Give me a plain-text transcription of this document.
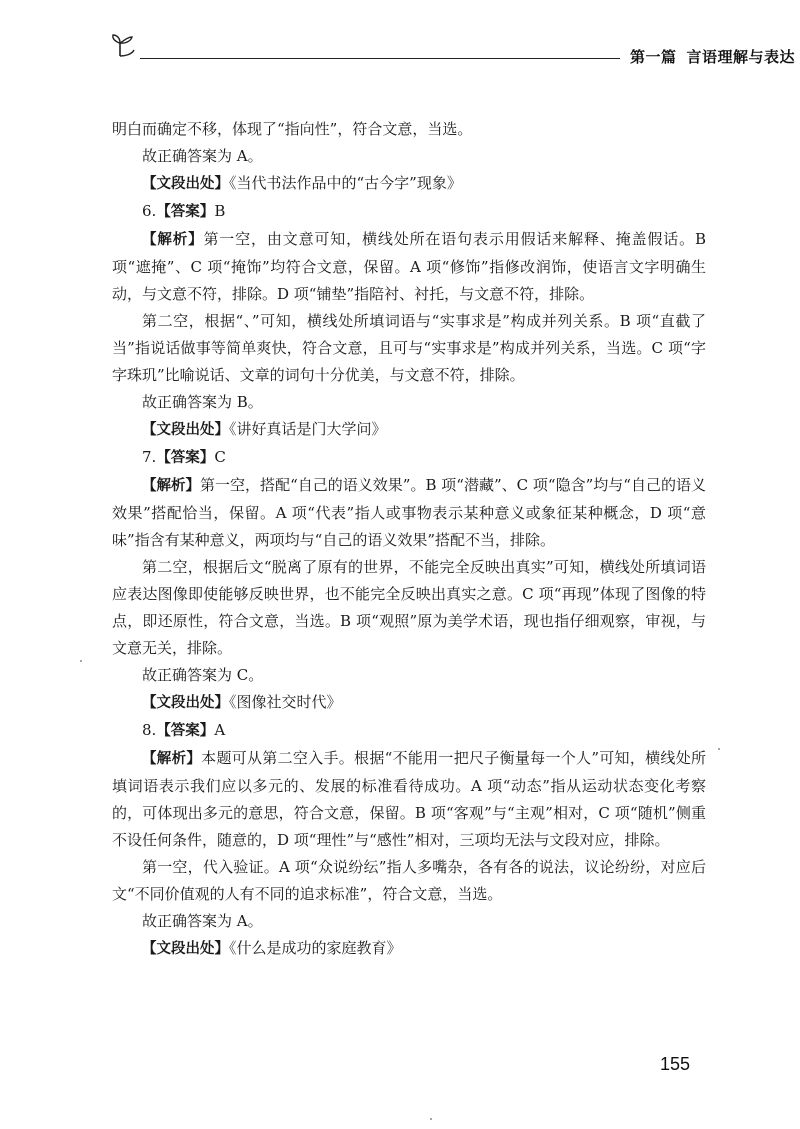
第一篇 言语理解与表达

明白而确定不移，体现了“指向性”，符合文意，当选。

故正确答案为 A。

【文段出处】《当代书法作品中的“古今字”现象》

6.【答案】B

【解析】第一空，由文意可知，横线处所在语句表示用假话来解释、掩盖假话。B 项“遮掩”、C 项“掩饰”均符合文意，保留。A 项“修饰”指修改润饰，使语言文字明确生动，与文意不符，排除。D 项“铺垫”指陪衬、衬托，与文意不符，排除。

第二空，根据“、”可知，横线处所填词语与“实事求是”构成并列关系。B 项“直截了当”指说话做事等简单爽快，符合文意，且可与“实事求是”构成并列关系，当选。C 项“字字珠玑”比喻说话、文章的词句十分优美，与文意不符，排除。

故正确答案为 B。

【文段出处】《讲好真话是门大学问》

7.【答案】C

【解析】第一空，搭配“自己的语义效果”。B 项“潜藏”、C 项“隐含”均与“自己的语义效果”搭配恰当，保留。A 项“代表”指人或事物表示某种意义或象征某种概念，D 项“意味”指含有某种意义，两项均与“自己的语义效果”搭配不当，排除。

第二空，根据后文“脱离了原有的世界，不能完全反映出真实”可知，横线处所填词语应表达图像即使能够反映世界，也不能完全反映出真实之意。C 项“再现”体现了图像的特点，即还原性，符合文意，当选。B 项“观照”原为美学术语，现也指仔细观察，审视，与文意无关，排除。

故正确答案为 C。

【文段出处】《图像社交时代》

8.【答案】A

【解析】本题可从第二空入手。根据“不能用一把尺子衡量每一个人”可知，横线处所填词语表示我们应以多元的、发展的标准看待成功。A 项“动态”指从运动状态变化考察的，可体现出多元的意思，符合文意，保留。B 项“客观”与“主观”相对，C 项“随机”侧重不设任何条件，随意的，D 项“理性”与“感性”相对，三项均无法与文段对应，排除。

第一空，代入验证。A 项“众说纷纭”指人多嘴杂，各有各的说法，议论纷纷，对应后文“不同价值观的人有不同的追求标准”，符合文意，当选。

故正确答案为 A。

【文段出处】《什么是成功的家庭教育》

155
